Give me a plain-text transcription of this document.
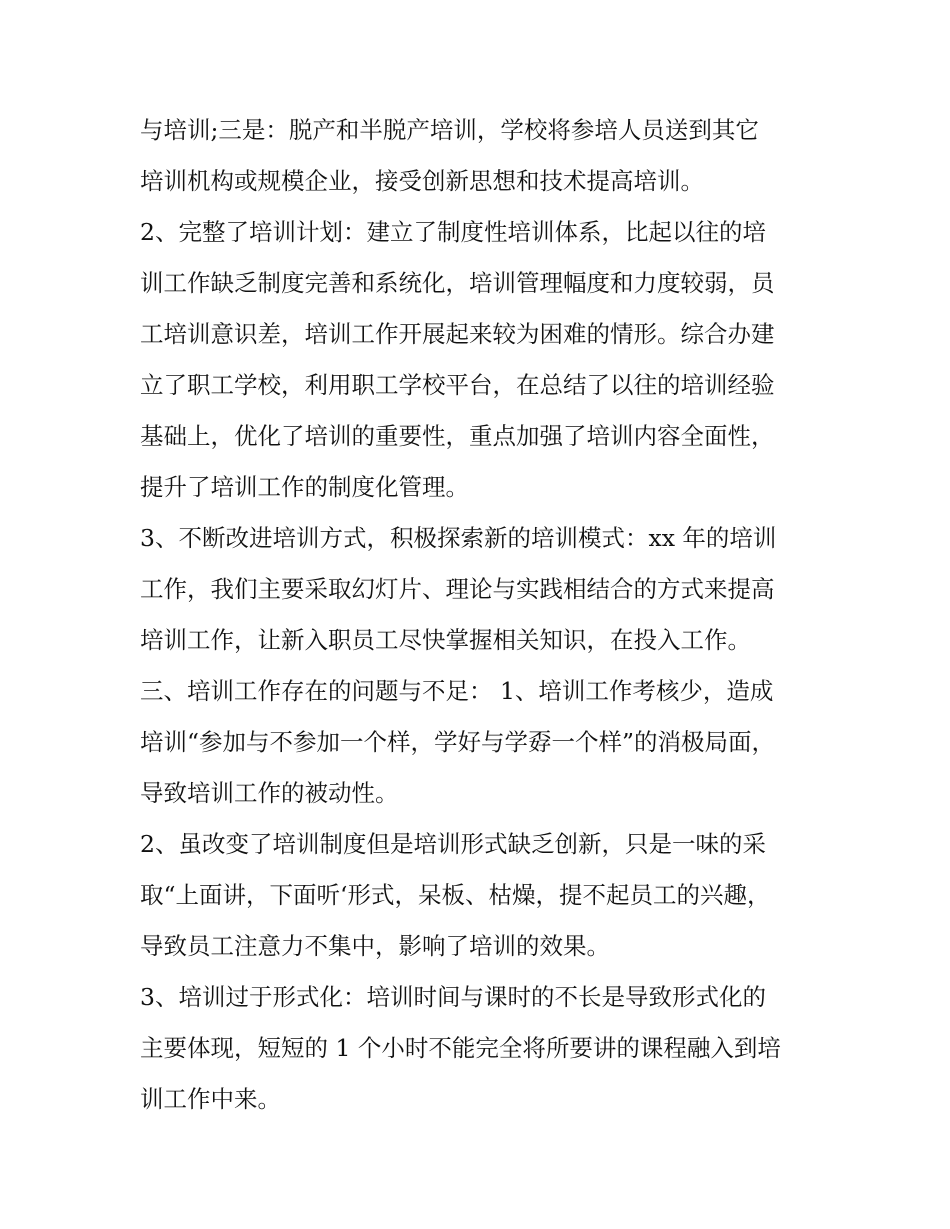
与培训;三是：脱产和半脱产培训，学校将参培人员送到其它
培训机构或规模企业，接受创新思想和技术提高培训。
2、完整了培训计划：建立了制度性培训体系，比起以往的培
训工作缺乏制度完善和系统化，培训管理幅度和力度较弱，员
工培训意识差，培训工作开展起来较为困难的情形。综合办建
立了职工学校，利用职工学校平台，在总结了以往的培训经验
基础上，优化了培训的重要性，重点加强了培训内容全面性，
提升了培训工作的制度化管理。
3、不断改进培训方式，积极探索新的培训模式：xx 年的培训
工作，我们主要采取幻灯片、理论与实践相结合的方式来提高
培训工作，让新入职员工尽快掌握相关知识，在投入工作。
三、培训工作存在的问题与不足： 1、培训工作考核少，造成
培训“参加与不参加一个样，学好与学孬一个样”的消极局面，
导致培训工作的被动性。
2、虽改变了培训制度但是培训形式缺乏创新，只是一味的采
取“上面讲，下面听‘形式，呆板、枯燥，提不起员工的兴趣，
导致员工注意力不集中，影响了培训的效果。
3、培训过于形式化：培训时间与课时的不长是导致形式化的
主要体现，短短的 1 个小时不能完全将所要讲的课程融入到培
训工作中来。
